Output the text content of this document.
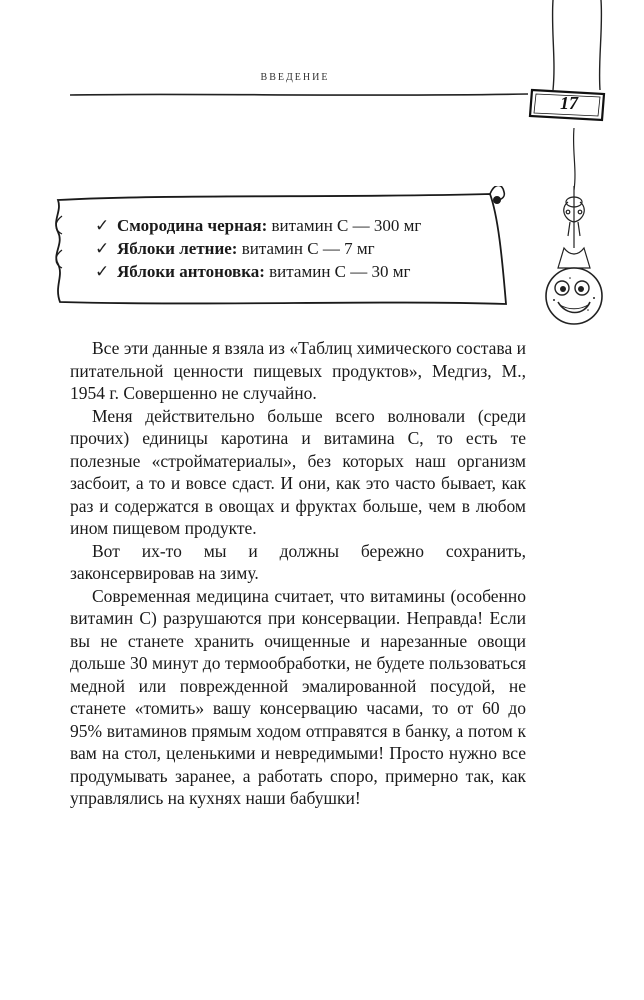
ВВЕДЕНИЕ
17
✓ Смородина черная: витамин С — 300 мг
✓ Яблоки летние: витамин С — 7 мг
✓ Яблоки антоновка: витамин С — 30 мг

Все эти данные я взяла из «Таблиц химического состава и питательной ценности пищевых продуктов», Медгиз, М., 1954 г. Совершенно не случайно.

Меня действительно больше всего волновали (среди прочих) единицы каротина и витамина С, то есть те полезные «стройматериалы», без которых наш организм засбоит, а то и вовсе сдаст. И они, как это часто бывает, как раз и содержатся в овощах и фруктах больше, чем в любом ином пищевом продукте.

Вот их-то мы и должны бережно сохранить, законсервировав на зиму.

Современная медицина считает, что витамины (особенно витамин С) разрушаются при консервации. Неправда! Если вы не станете хранить очищенные и нарезанные овощи дольше 30 минут до термообработки, не будете пользоваться медной или поврежденной эмалированной посудой, не станете «томить» вашу консервацию часами, то от 60 до 95% витаминов прямым ходом отправятся в банку, а потом к вам на стол, целенькими и невредимыми! Просто нужно все продумывать заранее, а работать споро, примерно так, как управлялись на кухнях наши бабушки!
